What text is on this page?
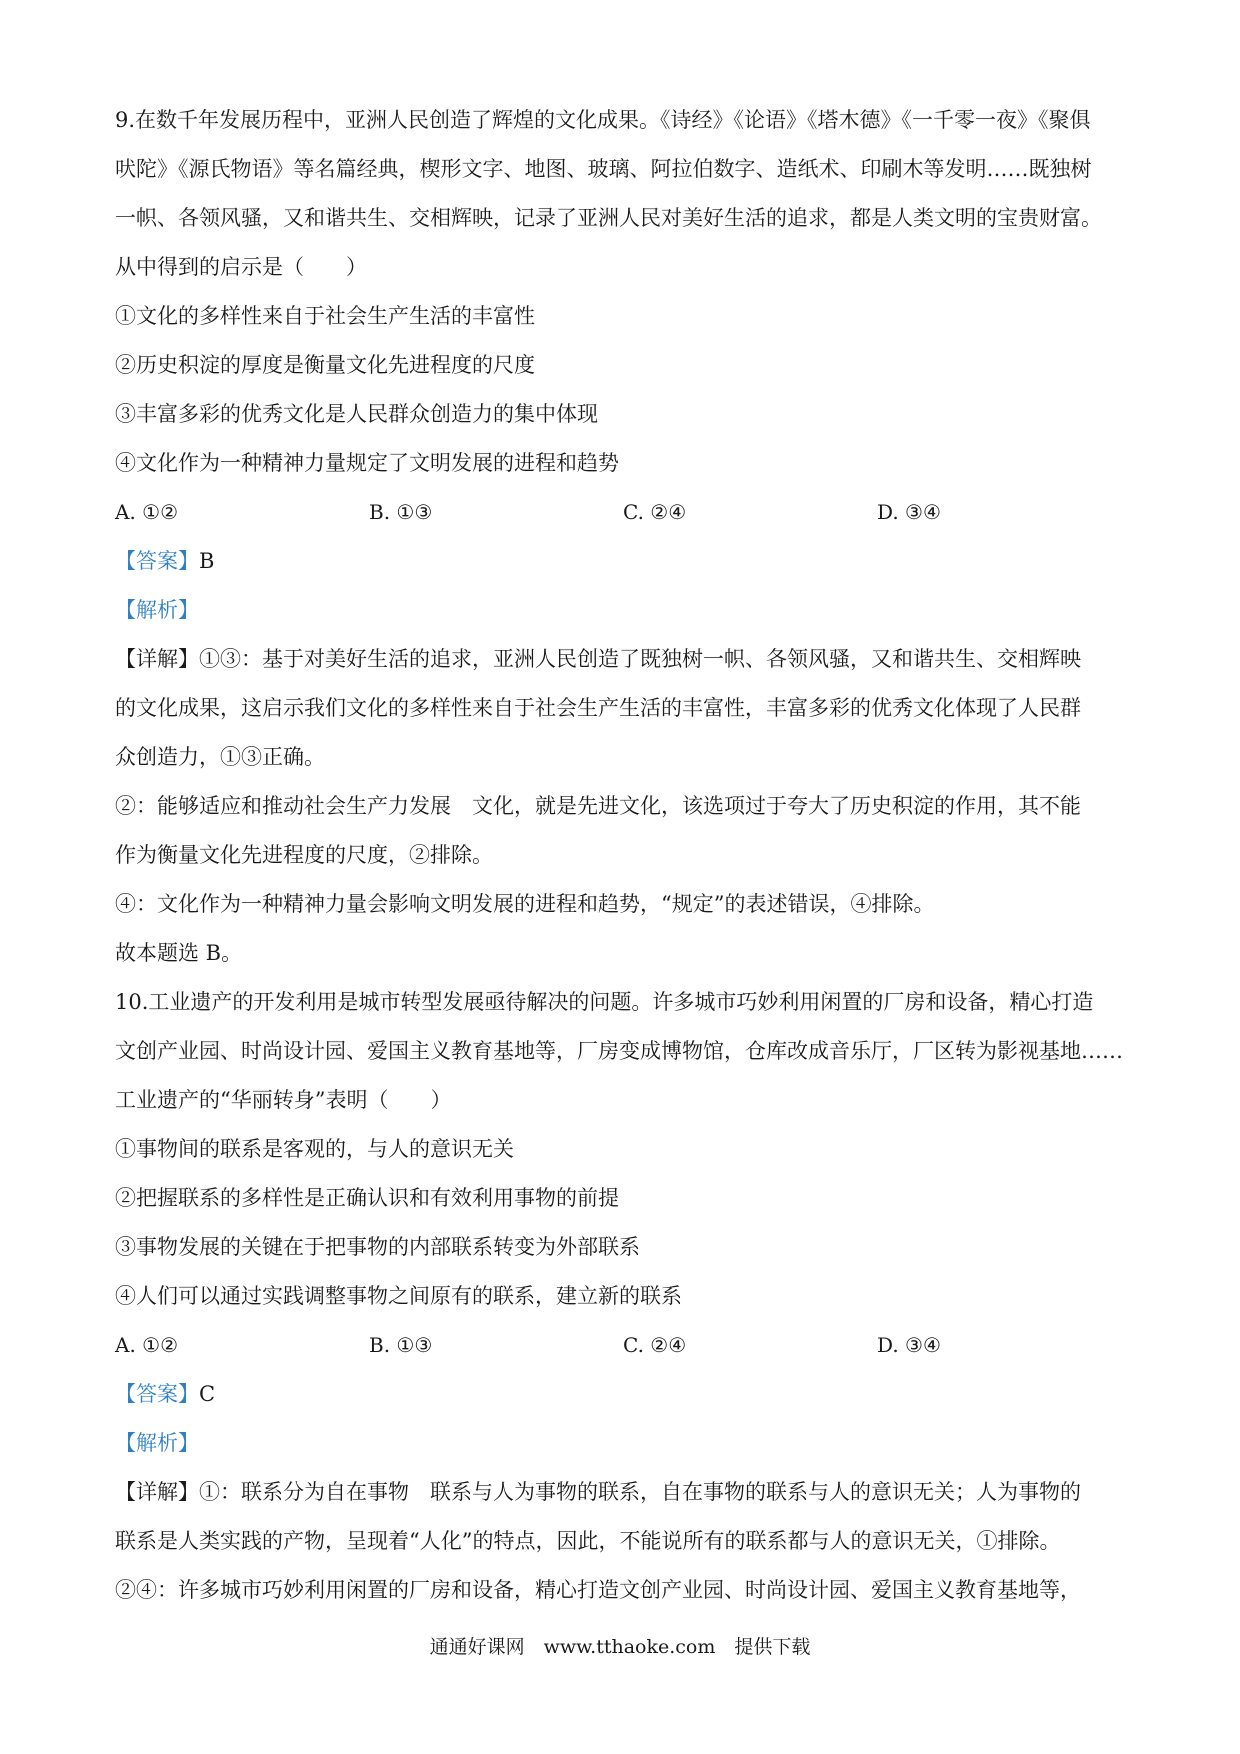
9.在数千年发展历程中，亚洲人民创造了辉煌的文化成果。《诗经》《论语》《塔木德》《一千零一夜》《聚俱

吠陀》《源氏物语》等名篇经典，楔形文字、地图、玻璃、阿拉伯数字、造纸术、印刷木等发明……既独树

一帜、各领风骚，又和谐共生、交相辉映，记录了亚洲人民对美好生活的追求，都是人类文明的宝贵财富。

从中得到的启示是（　　）

①文化的多样性来自于社会生产生活的丰富性

②历史积淀的厚度是衡量文化先进程度的尺度

③丰富多彩的优秀文化是人民群众创造力的集中体现

④文化作为一种精神力量规定了文明发展的进程和趋势

A. ①②	B. ①③	C. ②④	D. ③④

【答案】B

【解析】

【详解】①③：基于对美好生活的追求，亚洲人民创造了既独树一帜、各领风骚，又和谐共生、交相辉映

的文化成果，这启示我们文化的多样性来自于社会生产生活的丰富性，丰富多彩的优秀文化体现了人民群

众创造力，①③正确。

②：能够适应和推动社会生产力发展　文化，就是先进文化，该选项过于夸大了历史积淀的作用，其不能

作为衡量文化先进程度的尺度，②排除。

④：文化作为一种精神力量会影响文明发展的进程和趋势，“规定”的表述错误，④排除。

故本题选 B。

10.工业遗产的开发利用是城市转型发展亟待解决的问题。许多城市巧妙利用闲置的厂房和设备，精心打造

文创产业园、时尚设计园、爱国主义教育基地等，厂房变成博物馆，仓库改成音乐厅，厂区转为影视基地……

工业遗产的“华丽转身”表明（　　）

①事物间的联系是客观的，与人的意识无关

②把握联系的多样性是正确认识和有效利用事物的前提

③事物发展的关键在于把事物的内部联系转变为外部联系

④人们可以通过实践调整事物之间原有的联系，建立新的联系

A. ①②	B. ①③	C. ②④	D. ③④

【答案】C

【解析】

【详解】①：联系分为自在事物　联系与人为事物的联系，自在事物的联系与人的意识无关；人为事物的

联系是人类实践的产物，呈现着“人化”的特点，因此，不能说所有的联系都与人的意识无关，①排除。

②④：许多城市巧妙利用闲置的厂房和设备，精心打造文创产业园、时尚设计园、爱国主义教育基地等，

通通好课网　www.tthaoke.com　提供下载
